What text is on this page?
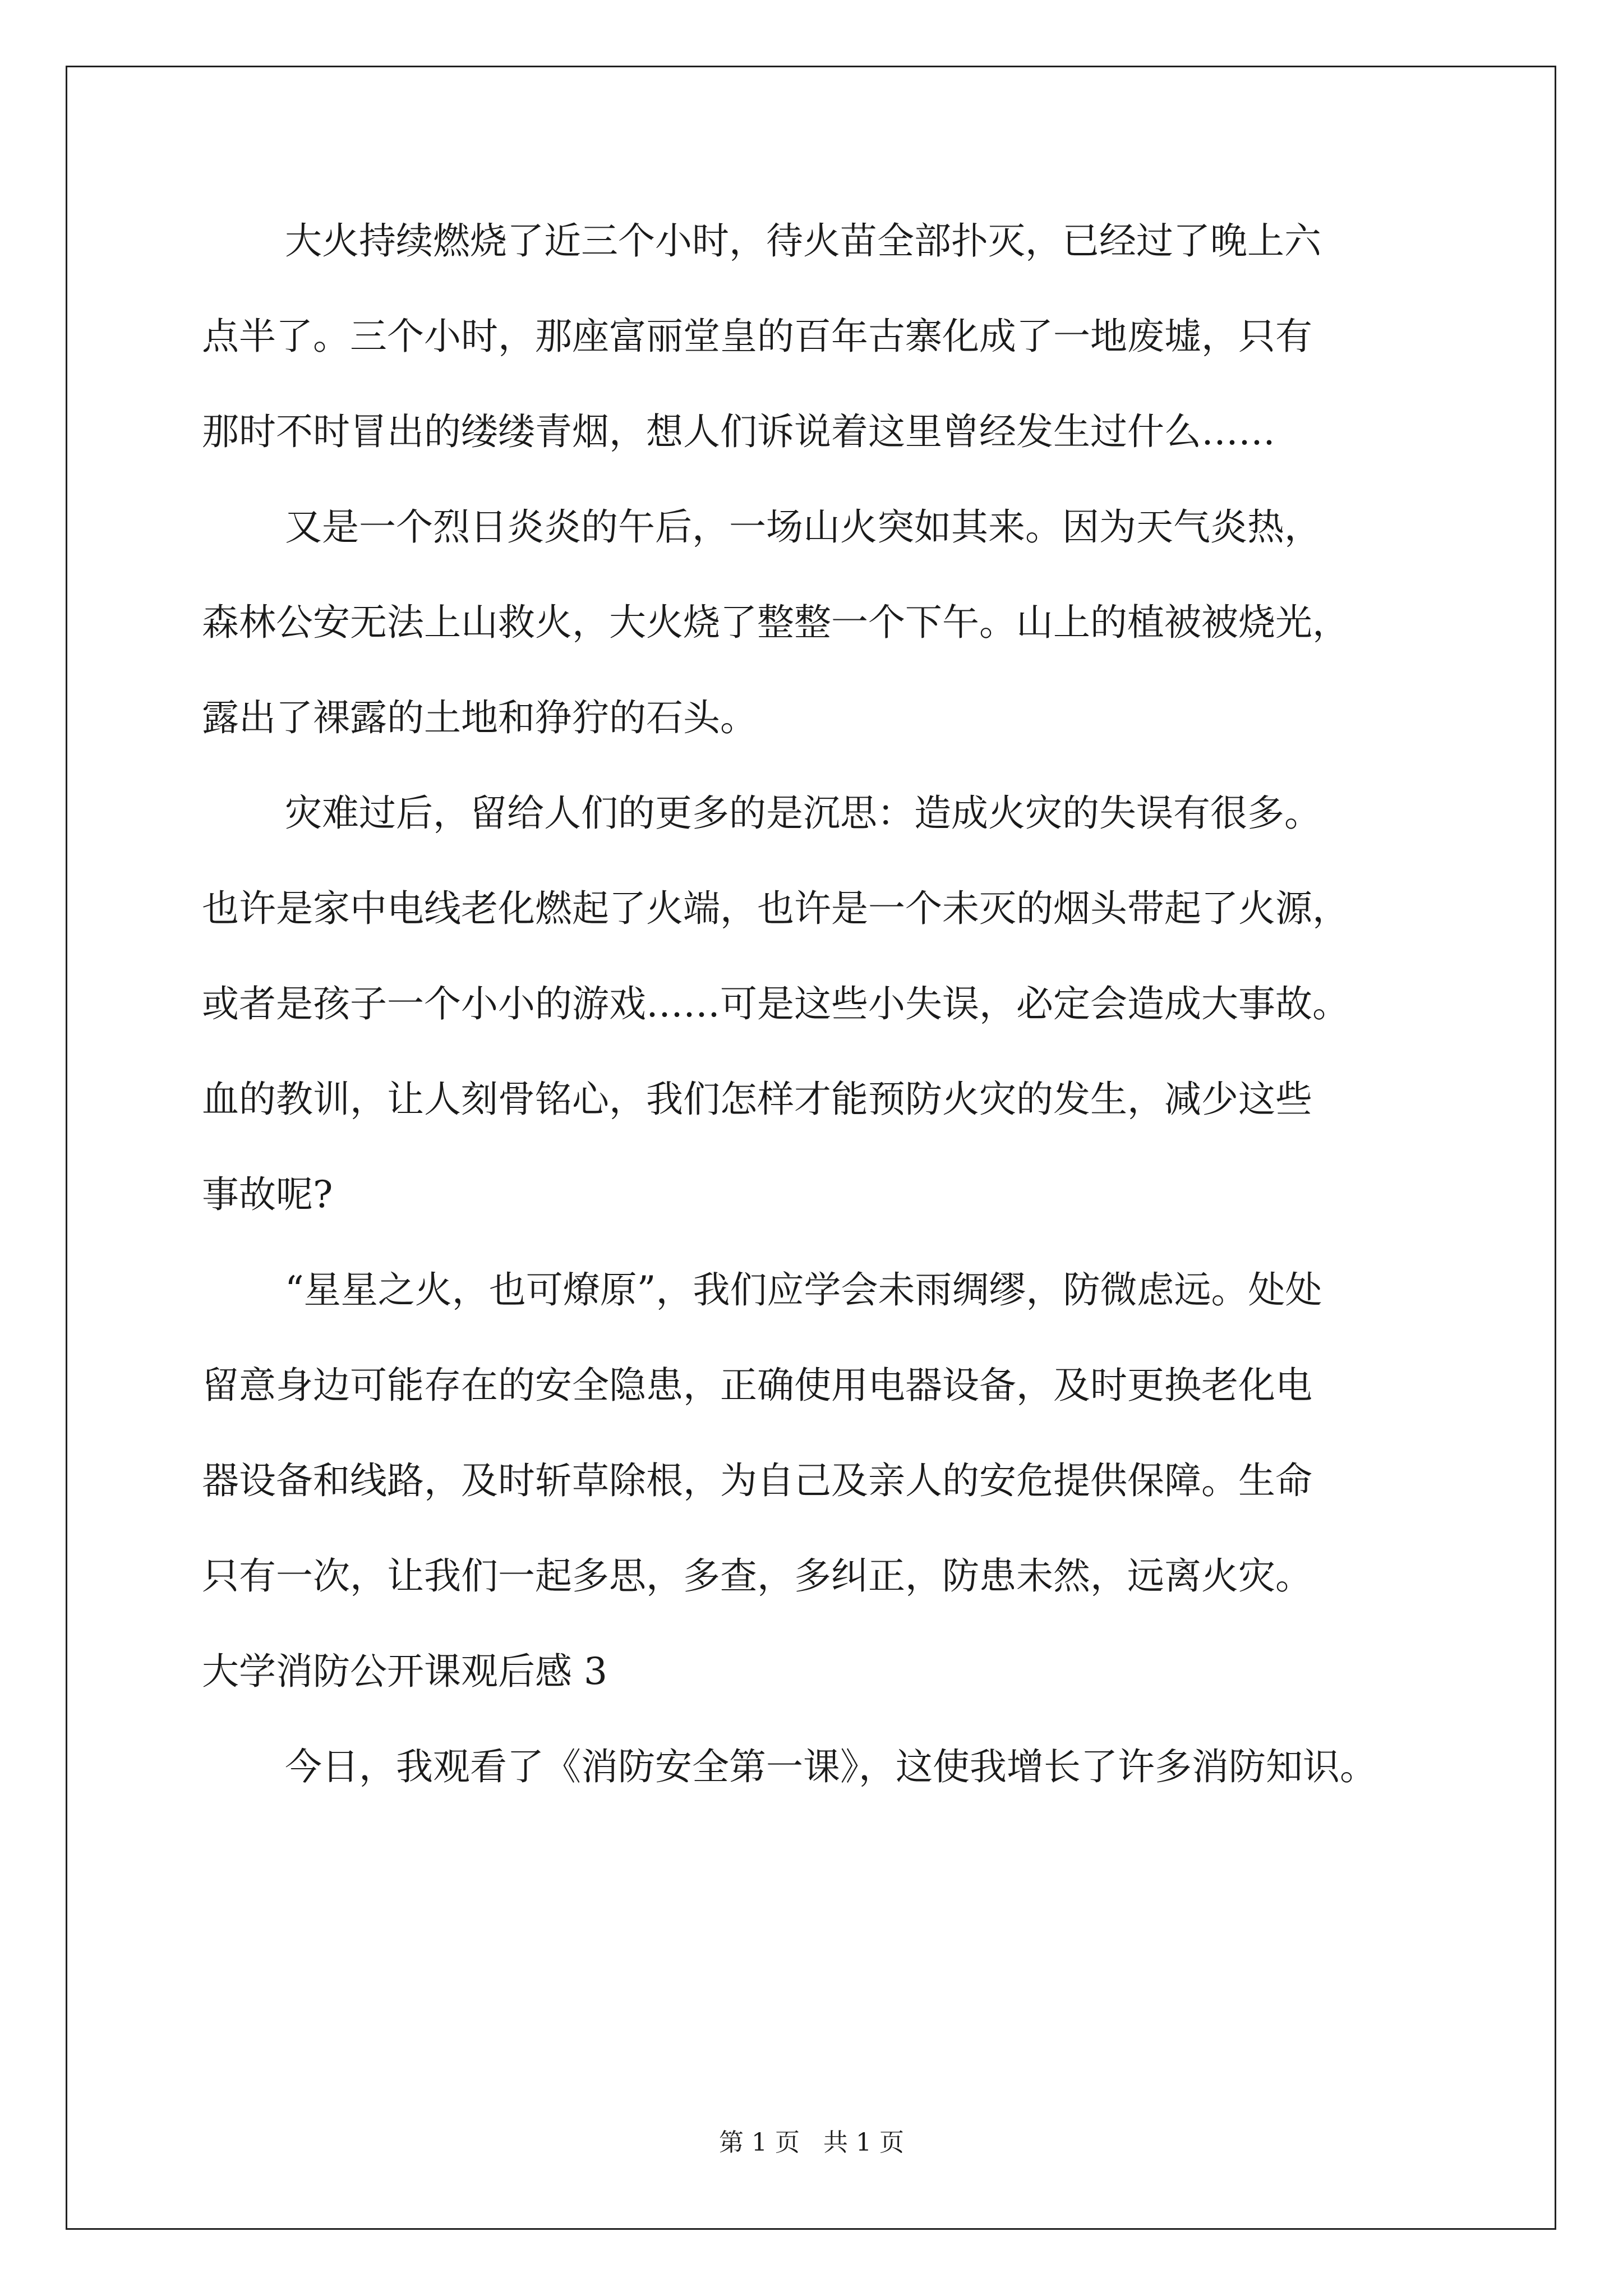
大火持续燃烧了近三个小时，待火苗全部扑灭，已经过了晚上六
点半了。三个小时，那座富丽堂皇的百年古寨化成了一地废墟，只有
那时不时冒出的缕缕青烟，想人们诉说着这里曾经发生过什么……
又是一个烈日炎炎的午后，一场山火突如其来。因为天气炎热，
森林公安无法上山救火，大火烧了整整一个下午。山上的植被被烧光，
露出了裸露的土地和狰狞的石头。
灾难过后，留给人们的更多的是沉思：造成火灾的失误有很多。
也许是家中电线老化燃起了火端，也许是一个未灭的烟头带起了火源，
或者是孩子一个小小的游戏……可是这些小失误，必定会造成大事故。
血的教训，让人刻骨铭心，我们怎样才能预防火灾的发生，减少这些
事故呢?
“星星之火，也可燎原”，我们应学会未雨绸缪，防微虑远。处处
留意身边可能存在的安全隐患，正确使用电器设备，及时更换老化电
器设备和线路，及时斩草除根，为自己及亲人的安危提供保障。生命
只有一次，让我们一起多思，多查，多纠正，防患未然，远离火灾。
大学消防公开课观后感 3
今日，我观看了《消防安全第一课》，这使我增长了许多消防知识。
第 1 页   共 1 页
